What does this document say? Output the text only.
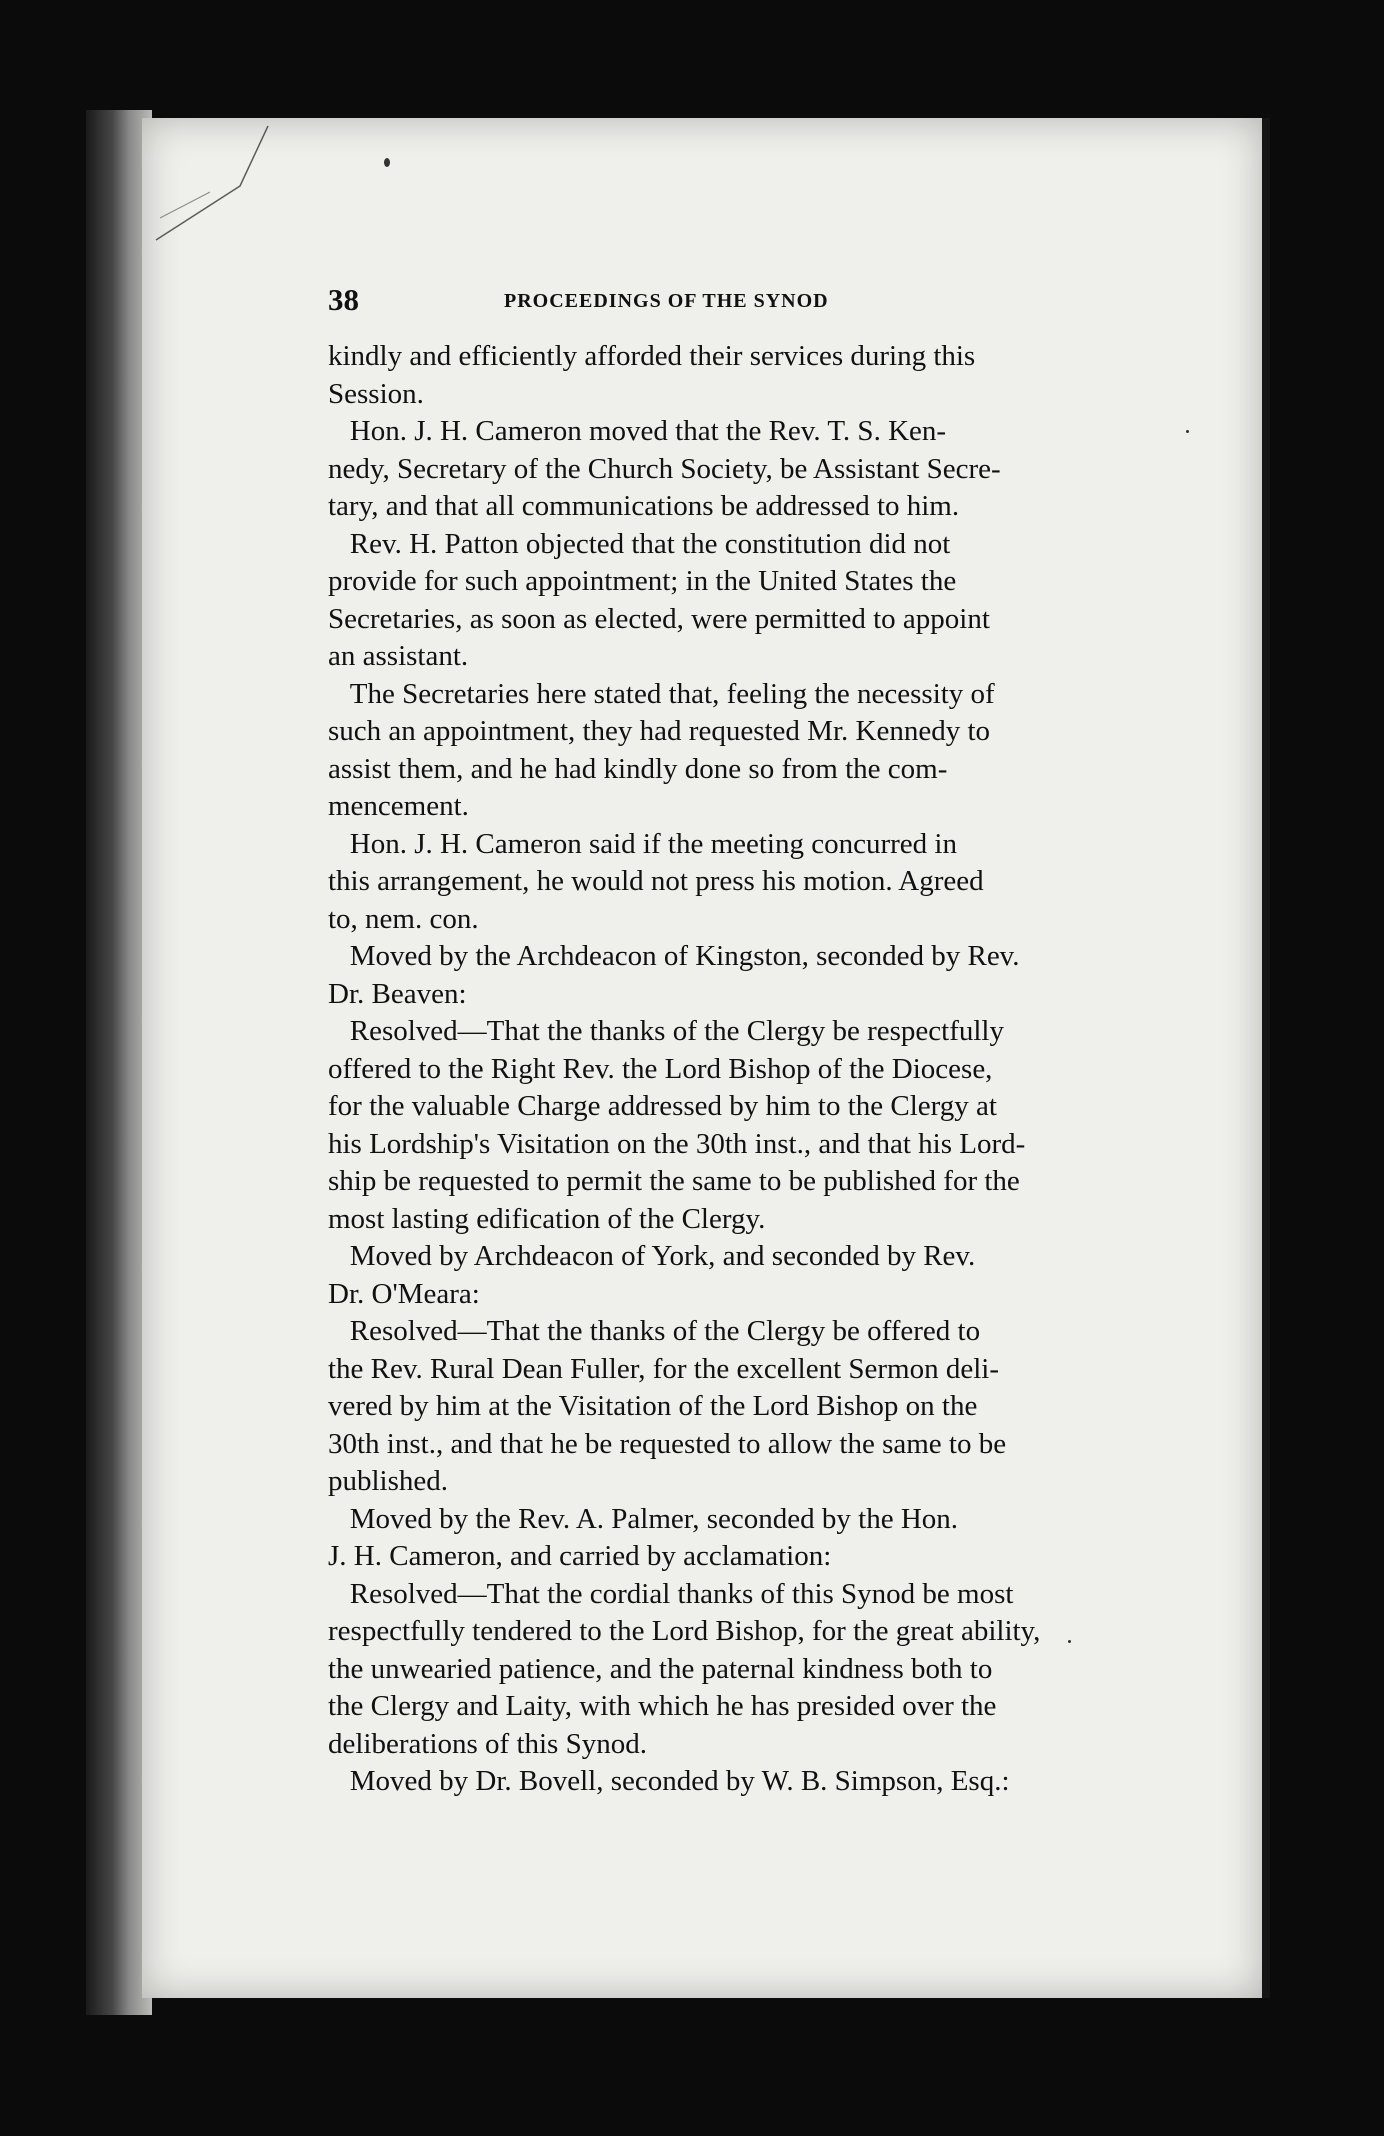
38	PROCEEDINGS OF THE SYNOD
kindly and efficiently afforded their services during this
Session.
Hon. J. H. Cameron moved that the Rev. T. S. Ken-
nedy, Secretary of the Church Society, be Assistant Secre-
tary, and that all communications be addressed to him.
Rev. H. Patton objected that the constitution did not
provide for such appointment; in the United States the
Secretaries, as soon as elected, were permitted to appoint
an assistant.
The Secretaries here stated that, feeling the necessity of
such an appointment, they had requested Mr. Kennedy to
assist them, and he had kindly done so from the com-
mencement.
Hon. J. H. Cameron said if the meeting concurred in
this arrangement, he would not press his motion. Agreed
to, nem. con.
Moved by the Archdeacon of Kingston, seconded by Rev.
Dr. Beaven:
Resolved—That the thanks of the Clergy be respectfully
offered to the Right Rev. the Lord Bishop of the Diocese,
for the valuable Charge addressed by him to the Clergy at
his Lordship's Visitation on the 30th inst., and that his Lord-
ship be requested to permit the same to be published for the
most lasting edification of the Clergy.
Moved by Archdeacon of York, and seconded by Rev.
Dr. O'Meara:
Resolved—That the thanks of the Clergy be offered to
the Rev. Rural Dean Fuller, for the excellent Sermon deli-
vered by him at the Visitation of the Lord Bishop on the
30th inst., and that he be requested to allow the same to be
published.
Moved by the Rev. A. Palmer, seconded by the Hon.
J. H. Cameron, and carried by acclamation:
Resolved—That the cordial thanks of this Synod be most
respectfully tendered to the Lord Bishop, for the great ability,
the unwearied patience, and the paternal kindness both to
the Clergy and Laity, with which he has presided over the
deliberations of this Synod.
Moved by Dr. Bovell, seconded by W. B. Simpson, Esq.:
